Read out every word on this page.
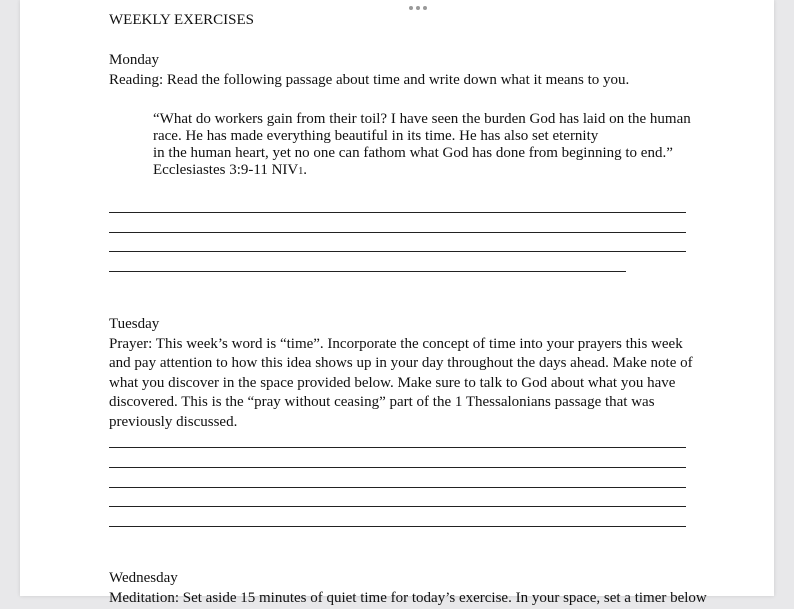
WEEKLY EXERCISES
Monday
Reading: Read the following passage about time and write down what it means to you.
“What do workers gain from their toil? I have seen the burden God has laid on the human
race. He has made everything beautiful in its time. He has also set eternity
in the human heart, yet no one can fathom what God has done from beginning to end.”
Ecclesiastes 3:9-11 NIV1.
Tuesday
Prayer: This week’s word is “time”. Incorporate the concept of time into your prayers this week
and pay attention to how this idea shows up in your day throughout the days ahead. Make note of
what you discover in the space provided below. Make sure to talk to God about what you have
discovered. This is the “pray without ceasing” part of the 1 Thessalonians passage that was
previously discussed.
Wednesday
Meditation: Set aside 15 minutes of quiet time for today’s exercise. In your space, set a timer below
